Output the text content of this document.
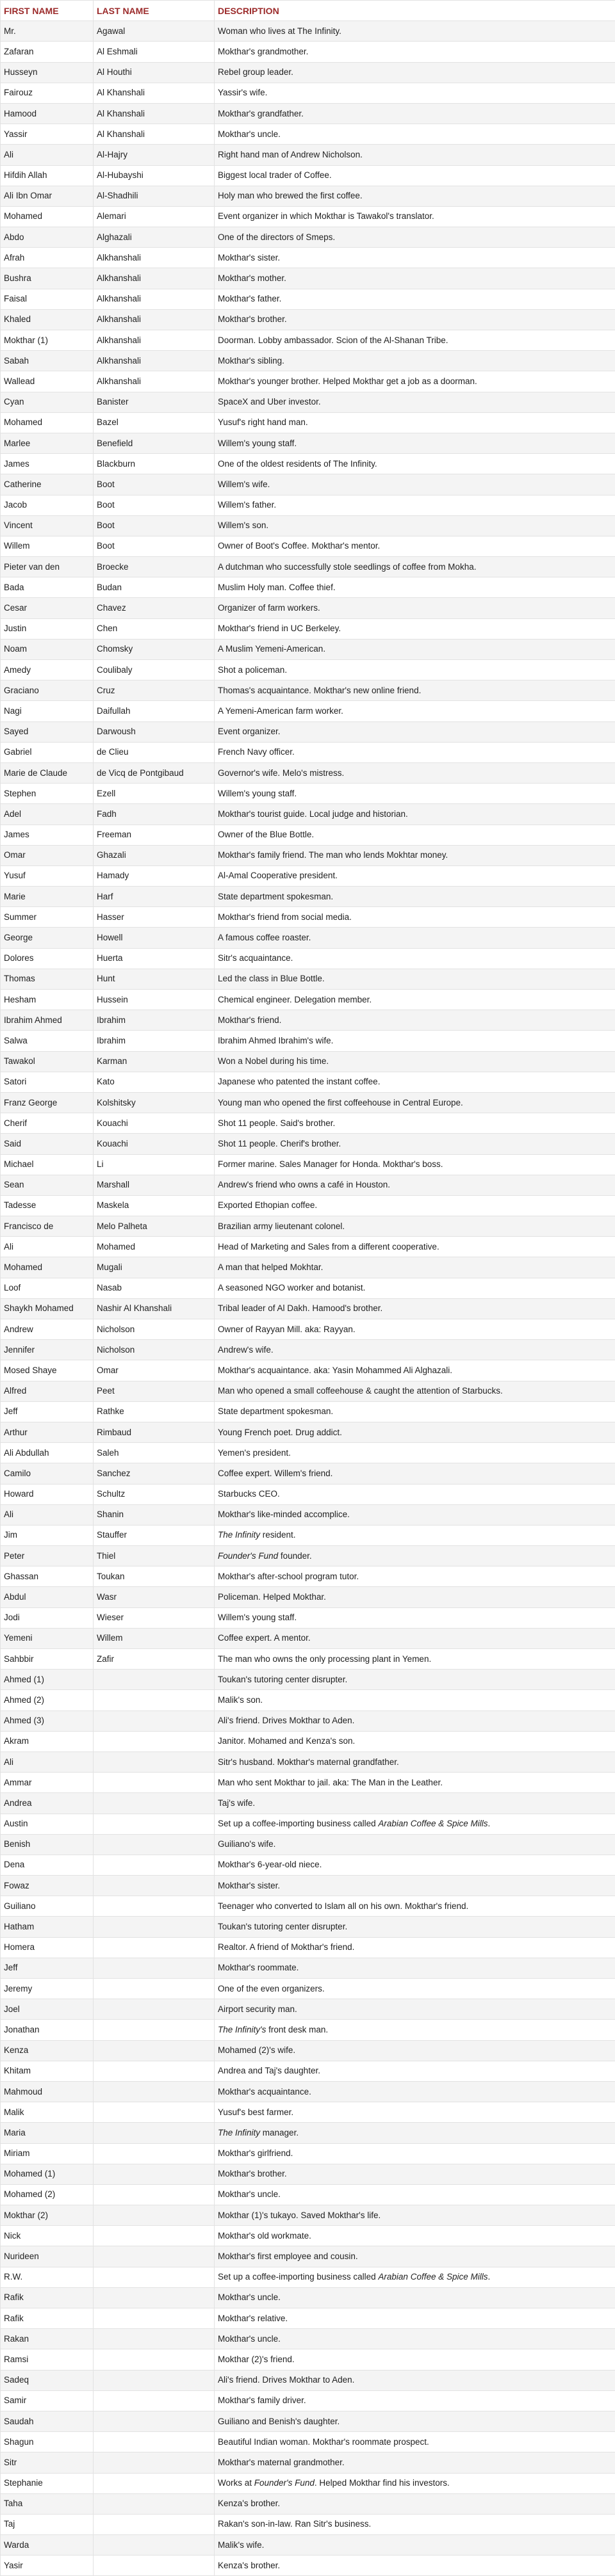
FIRST NAME	LAST NAME	DESCRIPTION
Mr.	Agawal	Woman who lives at The Infinity.
Zafaran	Al Eshmali	Mokthar's grandmother.
Husseyn	Al Houthi	Rebel group leader.
Fairouz	Al Khanshali	Yassir's wife.
Hamood	Al Khanshali	Mokthar's grandfather.
Yassir	Al Khanshali	Mokthar's uncle.
Ali	Al-Hajry	Right hand man of Andrew Nicholson.
Hifdih Allah	Al-Hubayshi	Biggest local trader of Coffee.
Ali Ibn Omar	Al-Shadhili	Holy man who brewed the first coffee.
Mohamed	Alemari	Event organizer in which Mokthar is Tawakol's translator.
Abdo	Alghazali	One of the directors of Smeps.
Afrah	Alkhanshali	Mokthar's sister.
Bushra	Alkhanshali	Mokthar's mother.
Faisal	Alkhanshali	Mokthar's father.
Khaled	Alkhanshali	Mokthar's brother.
Mokthar (1)	Alkhanshali	Doorman. Lobby ambassador. Scion of the Al-Shanan Tribe.
Sabah	Alkhanshali	Mokthar's sibling.
Wallead	Alkhanshali	Mokthar's younger brother. Helped Mokthar get a job as a doorman.
Cyan	Banister	SpaceX and Uber investor.
Mohamed	Bazel	Yusuf's right hand man.
Marlee	Benefield	Willem's young staff.
James	Blackburn	One of the oldest residents of The Infinity.
Catherine	Boot	Willem's wife.
Jacob	Boot	Willem's father.
Vincent	Boot	Willem's son.
Willem	Boot	Owner of Boot's Coffee. Mokthar's mentor.
Pieter van den	Broecke	A dutchman who successfully stole seedlings of coffee from Mokha.
Bada	Budan	Muslim Holy man. Coffee thief.
Cesar	Chavez	Organizer of farm workers.
Justin	Chen	Mokthar's friend in UC Berkeley.
Noam	Chomsky	A Muslim Yemeni-American.
Amedy	Coulibaly	Shot a policeman.
Graciano	Cruz	Thomas's acquaintance. Mokthar's new online friend.
Nagi	Daifullah	A Yemeni-American farm worker.
Sayed	Darwoush	Event organizer.
Gabriel	de Clieu	French Navy officer.
Marie de Claude	de Vicq de Pontgibaud	Governor's wife. Melo's mistress.
Stephen	Ezell	Willem's young staff.
Adel	Fadh	Mokthar's tourist guide. Local judge and historian.
James	Freeman	Owner of the Blue Bottle.
Omar	Ghazali	Mokthar's family friend. The man who lends Mokhtar money.
Yusuf	Hamady	Al-Amal Cooperative president.
Marie	Harf	State department spokesman.
Summer	Hasser	Mokthar's friend from social media.
George	Howell	A famous coffee roaster.
Dolores	Huerta	Sitr's acquaintance.
Thomas	Hunt	Led the class in Blue Bottle.
Hesham	Hussein	Chemical engineer. Delegation member.
Ibrahim Ahmed	Ibrahim	Mokthar's friend.
Salwa	Ibrahim	Ibrahim Ahmed Ibrahim's wife.
Tawakol	Karman	Won a Nobel during his time.
Satori	Kato	Japanese who patented the instant coffee.
Franz George	Kolshitsky	Young man who opened the first coffeehouse in Central Europe.
Cherif	Kouachi	Shot 11 people. Said's brother.
Said	Kouachi	Shot 11 people. Cherif's brother.
Michael	Li	Former marine. Sales Manager for Honda. Mokthar's boss.
Sean	Marshall	Andrew's friend who owns a café in Houston.
Tadesse	Maskela	Exported Ethopian coffee.
Francisco de	Melo Palheta	Brazilian army lieutenant colonel.
Ali	Mohamed	Head of Marketing and Sales from a different cooperative.
Mohamed	Mugali	A man that helped Mokhtar.
Loof	Nasab	A seasoned NGO worker and botanist.
Shaykh Mohamed	Nashir Al Khanshali	Tribal leader of Al Dakh. Hamood's brother.
Andrew	Nicholson	Owner of Rayyan Mill. aka: Rayyan.
Jennifer	Nicholson	Andrew's wife.
Mosed Shaye	Omar	Mokthar's acquaintance. aka: Yasin Mohammed Ali Alghazali.
Alfred	Peet	Man who opened a small coffeehouse & caught the attention of Starbucks.
Jeff	Rathke	State department spokesman.
Arthur	Rimbaud	Young French poet. Drug addict.
Ali Abdullah	Saleh	Yemen's president.
Camilo	Sanchez	Coffee expert. Willem's friend.
Howard	Schultz	Starbucks CEO.
Ali	Shanin	Mokthar's like-minded accomplice.
Jim	Stauffer	The Infinity resident.
Peter	Thiel	Founder's Fund founder.
Ghassan	Toukan	Mokthar's after-school program tutor.
Abdul	Wasr	Policeman. Helped Mokthar.
Jodi	Wieser	Willem's young staff.
Yemeni	Willem	Coffee expert. A mentor.
Sahbbir	Zafir	The man who owns the only processing plant in Yemen.
Ahmed (1)		Toukan's tutoring center disrupter.
Ahmed (2)		Malik's son.
Ahmed (3)		Ali's friend. Drives Mokthar to Aden.
Akram		Janitor. Mohamed and Kenza's son.
Ali		Sitr's husband. Mokthar's maternal grandfather.
Ammar		Man who sent Mokthar to jail. aka: The Man in the Leather.
Andrea		Taj's wife.
Austin		Set up a coffee-importing business called Arabian Coffee & Spice Mills.
Benish		Guiliano's wife.
Dena		Mokthar's 6-year-old niece.
Fowaz		Mokthar's sister.
Guiliano		Teenager who converted to Islam all on his own. Mokthar's friend.
Hatham		Toukan's tutoring center disrupter.
Homera		Realtor. A friend of Mokthar's friend.
Jeff		Mokthar's roommate.
Jeremy		One of the even organizers.
Joel		Airport security man.
Jonathan		The Infinity's front desk man.
Kenza		Mohamed (2)'s wife.
Khitam		Andrea and Taj's daughter.
Mahmoud		Mokthar's acquaintance.
Malik		Yusuf's best farmer.
Maria		The Infinity manager.
Miriam		Mokthar's girlfriend.
Mohamed (1)		Mokthar's brother.
Mohamed (2)		Mokthar's uncle.
Mokthar (2)		Mokthar (1)'s tukayo. Saved Mokthar's life.
Nick		Mokthar's old workmate.
Nurideen		Mokthar's first employee and cousin.
R.W.		Set up a coffee-importing business called Arabian Coffee & Spice Mills.
Rafik		Mokthar's uncle.
Rafik		Mokthar's relative.
Rakan		Mokthar's uncle.
Ramsi		Mokthar (2)'s friend.
Sadeq		Ali's friend. Drives Mokthar to Aden.
Samir		Mokthar's family driver.
Saudah		Guiliano and Benish's daughter.
Shagun		Beautiful Indian woman. Mokthar's roommate prospect.
Sitr		Mokthar's maternal grandmother.
Stephanie		Works at Founder's Fund. Helped Mokthar find his investors.
Taha		Kenza's brother.
Taj		Rakan's son-in-law. Ran Sitr's business.
Warda		Malik's wife.
Yasir		Kenza's brother.
